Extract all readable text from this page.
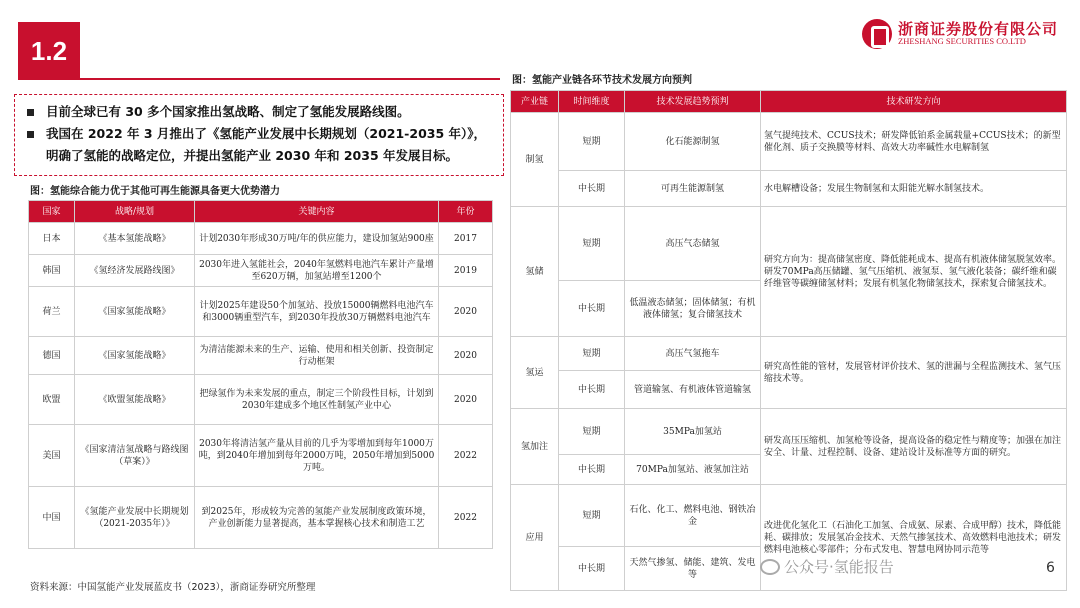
1.2
浙商证券股份有限公司
ZHESHANG SECURITIES CO.LTD
目前全球已有 30 多个国家推出氢战略、制定了氢能发展路线图。
我国在 2022 年 3 月推出了《氢能产业发展中长期规划（2021-2035 年）》，明确了氢能的战略定位，并提出氢能产业 2030 年和 2035 年发展目标。
图：氢能综合能力优于其他可再生能源具备更大优势潜力
国家	战略/规划	关键内容	年份
日本	《基本氢能战略》	计划2030年形成30万吨/年的供应能力，建设加氢站900座	2017
韩国	《氢经济发展路线图》	2030年进入氢能社会，2040年氢燃料电池汽车累计产量增至620万辆，加氢站增至1200个	2019
荷兰	《国家氢能战略》	计划2025年建设50个加氢站、投放15000辆燃料电池汽车和3000辆重型汽车，到2030年投放30万辆燃料电池汽车	2020
德国	《国家氢能战略》	为清洁能源未来的生产、运输、使用和相关创新、投资制定行动框架	2020
欧盟	《欧盟氢能战略》	把绿氢作为未来发展的重点，制定三个阶段性目标，计划到2030年建成多个地区性制氢产业中心	2020
美国	《国家清洁氢战略与路线图（草案）》	2030年将清洁氢产量从目前的几乎为零增加到每年1000万吨，到2040年增加到每年2000万吨，2050年增加到5000万吨。	2022
中国	《氢能产业发展中长期规划（2021-2035年）》	到2025年，形成较为完善的氢能产业发展制度政策环境，产业创新能力显著提高，基本掌握核心技术和制造工艺	2022
图：氢能产业链各环节技术发展方向预判
产业链	时间维度	技术发展趋势预判	技术研发方向
制氢	短期	化石能源制氢	氢气提纯技术、CCUS技术；研发降低铂系金属载量+CCUS技术；的新型催化剂、质子交换膜等材料、高效大功率碱性水电解制氢
	中长期	可再生能源制氢	水电解槽设备；发展生物制氢和太阳能光解水制氢技术。
氢储	短期	高压气态储氢	研究方向为：提高储氢密度、降低能耗成本、提高有机液体储氢脱氢效率。研发70MPa高压储罐、氢气压缩机、液氢泵、氢气液化装备；碳纤维和碳纤维管等碳缠储氢材料；发展有机氢化物储氢技术，探索复合储氢技术。
	中长期	低温液态储氢；固体储氢；有机液体储氢；复合储氢技术	
氢运	短期	高压气氢拖车	研究高性能的管材，发展管材评价技术、氢的泄漏与全程监测技术、氢气压缩技术等。
	中长期	管道输氢、有机液体管道输氢	
氢加注	短期	35MPa加氢站	研发高压压缩机、加氢枪等设备，提高设备的稳定性与精度等；加强在加注安全、计量、过程控制、设备、建站设计及标准等方面的研究。
	中长期	70MPa加氢站、液氢加注站	
应用	短期	石化、化工、燃料电池、钢铁冶金	改进优化氢化工（石油化工加氢、合成氨、尿素、合成甲醇）技术，降低能耗、碳排放；发展氢冶金技术、天然气掺氢技术、高效燃料电池技术；研发燃料电池核心零部件；分布式发电、智慧电网协同示范等
	中长期	天然气掺氢、储能、建筑、发电等	
资料来源：中国氢能产业发展蓝皮书（2023），浙商证券研究所整理
公众号·氢能报告	6
